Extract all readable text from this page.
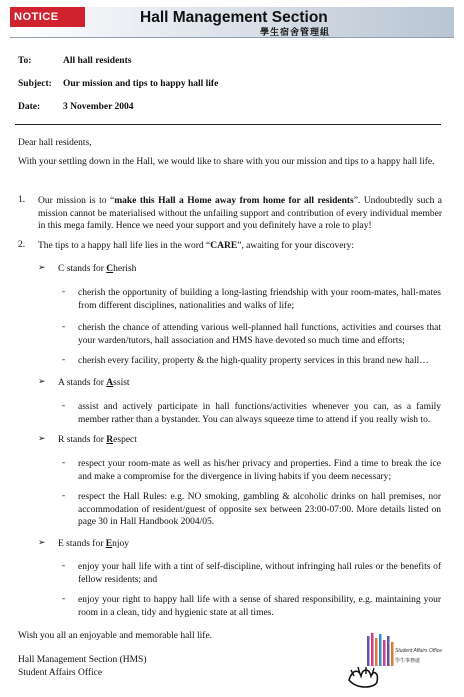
NOTICE	Hall Management Section
學生宿舍管理組
To:	All hall residents
Subject: Our mission and tips to happy hall life
Date: 3 November 2004
Dear hall residents,
With your settling down in the Hall, we would like to share with you our mission and tips to a happy hall life.
1. Our mission is to “make this Hall a Home away from home for all residents”. Undoubtedly such a mission cannot be materialised without the unfailing support and contribution of every individual member in this mega family. Hence we need your support and you definitely have a role to play!
2. The tips to a happy hall life lies in the word “CARE”, awaiting for your discovery:
➢ C stands for Cherish
- cherish the opportunity of building a long-lasting friendship with your room-mates, hall-mates from different disciplines, nationalities and walks of life;
- cherish the chance of attending various well-planned hall functions, activities and courses that your warden/tutors, hall association and HMS have devoted so much time and efforts;
- cherish every facility, property & the high-quality property services in this brand new hall…
➢ A stands for Assist
- assist and actively participate in hall functions/activities whenever you can, as a family member rather than a bystander. You can always squeeze time to attend if you really wish to.
➢ R stands for Respect
- respect your room-mate as well as his/her privacy and properties. Find a time to break the ice and make a compromise for the divergence in living habits if you deem necessary;
- respect the Hall Rules: e.g. NO smoking, gambling & alcoholic drinks on hall premises, nor accommodation of resident/guest of opposite sex between 23:00-07:00. More details listed on page 30 in Hall Handbook 2004/05.
➢ E stands for Enjoy
- enjoy your hall life with a tint of self-discipline, without infringing hall rules or the benefits of fellow residents; and
- enjoy your right to happy hall life with a sense of shared responsibility, e.g. maintaining your room in a clean, tidy and hygienic state at all times.
Wish you all an enjoyable and memorable hall life.
Hall Management Section (HMS)
Student Affairs Office
Student Affairs Office
學生事務處
